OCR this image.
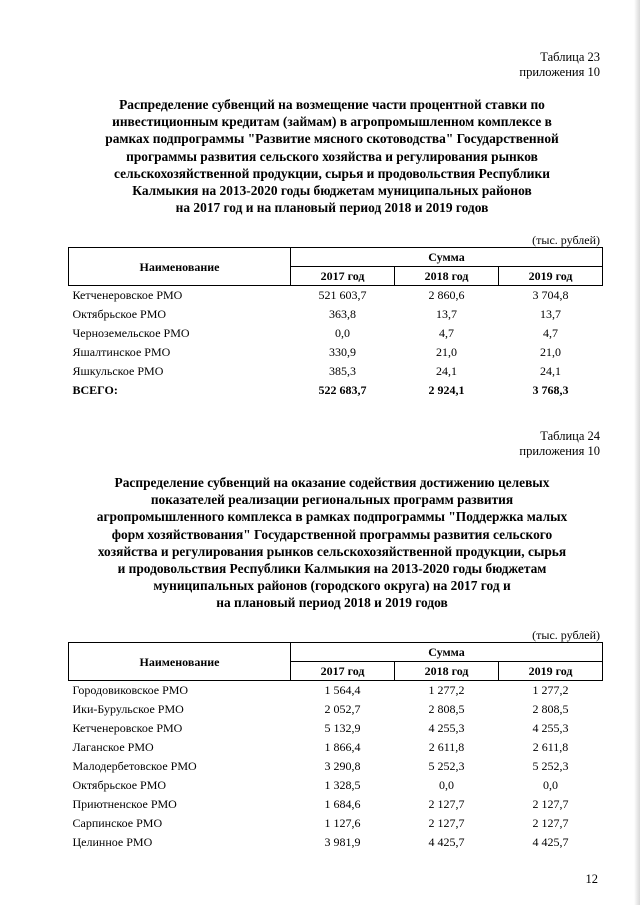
Таблица 23
приложения 10
Распределение субвенций на возмещение части процентной ставки по
инвестиционным кредитам (займам) в агропромышленном комплексе в
рамках подпрограммы "Развитие мясного скотоводства" Государственной
программы развития сельского хозяйства и регулирования рынков
сельскохозяйственной продукции, сырья и продовольствия Республики
Калмыкия на 2013-2020 годы бюджетам муниципальных районов
на 2017 год и на плановый период 2018 и 2019 годов
(тыс. рублей)
Наименование	Сумма		
	2017 год	2018 год	2019 год
Кетченеровское РМО	521 603,7	2 860,6	3 704,8
Октябрьское РМО	363,8	13,7	13,7
Черноземельское РМО	0,0	4,7	4,7
Яшалтинское РМО	330,9	21,0	21,0
Яшкульское РМО	385,3	24,1	24,1
ВСЕГО:	522 683,7	2 924,1	3 768,3
Таблица 24
приложения 10
Распределение субвенций на оказание содействия достижению целевых
показателей реализации региональных программ развития
агропромышленного комплекса в рамках подпрограммы "Поддержка малых
форм хозяйствования" Государственной программы развития сельского
хозяйства и регулирования рынков сельскохозяйственной продукции, сырья
и продовольствия Республики Калмыкия на 2013-2020 годы бюджетам
муниципальных районов (городского округа) на 2017 год и
на плановый период 2018 и 2019 годов
(тыс. рублей)
Наименование	Сумма		
	2017 год	2018 год	2019 год
Городовиковское РМО	1 564,4	1 277,2	1 277,2
Ики-Бурульское РМО	2 052,7	2 808,5	2 808,5
Кетченеровское РМО	5 132,9	4 255,3	4 255,3
Лаганское РМО	1 866,4	2 611,8	2 611,8
Малодербетовское РМО	3 290,8	5 252,3	5 252,3
Октябрьское РМО	1 328,5	0,0	0,0
Приютненское РМО	1 684,6	2 127,7	2 127,7
Сарпинское РМО	1 127,6	2 127,7	2 127,7
Целинное РМО	3 981,9	4 425,7	4 425,7
12
